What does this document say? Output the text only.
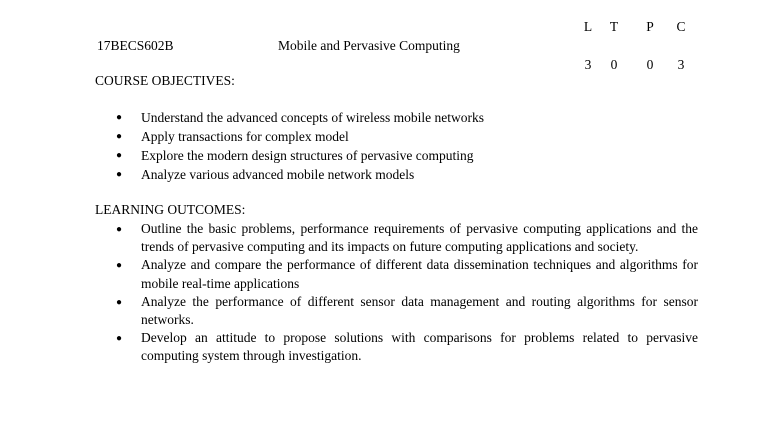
17BECS602B	Mobile and Pervasive Computing
L	T	P	C
3	0	0	3
COURSE OBJECTIVES:
● Understand the advanced concepts of wireless mobile networks
● Apply transactions for complex model
● Explore the modern design structures of pervasive computing
● Analyze various advanced mobile network models
LEARNING OUTCOMES:
● Outline the basic problems, performance requirements of pervasive computing applications and the trends of pervasive computing and its impacts on future computing applications and society.
● Analyze and compare the performance of different data dissemination techniques and algorithms for mobile real-time applications
● Analyze the performance of different sensor data management and routing algorithms for sensor networks.
● Develop an attitude to propose solutions with comparisons for problems related to pervasive computing system through investigation.
